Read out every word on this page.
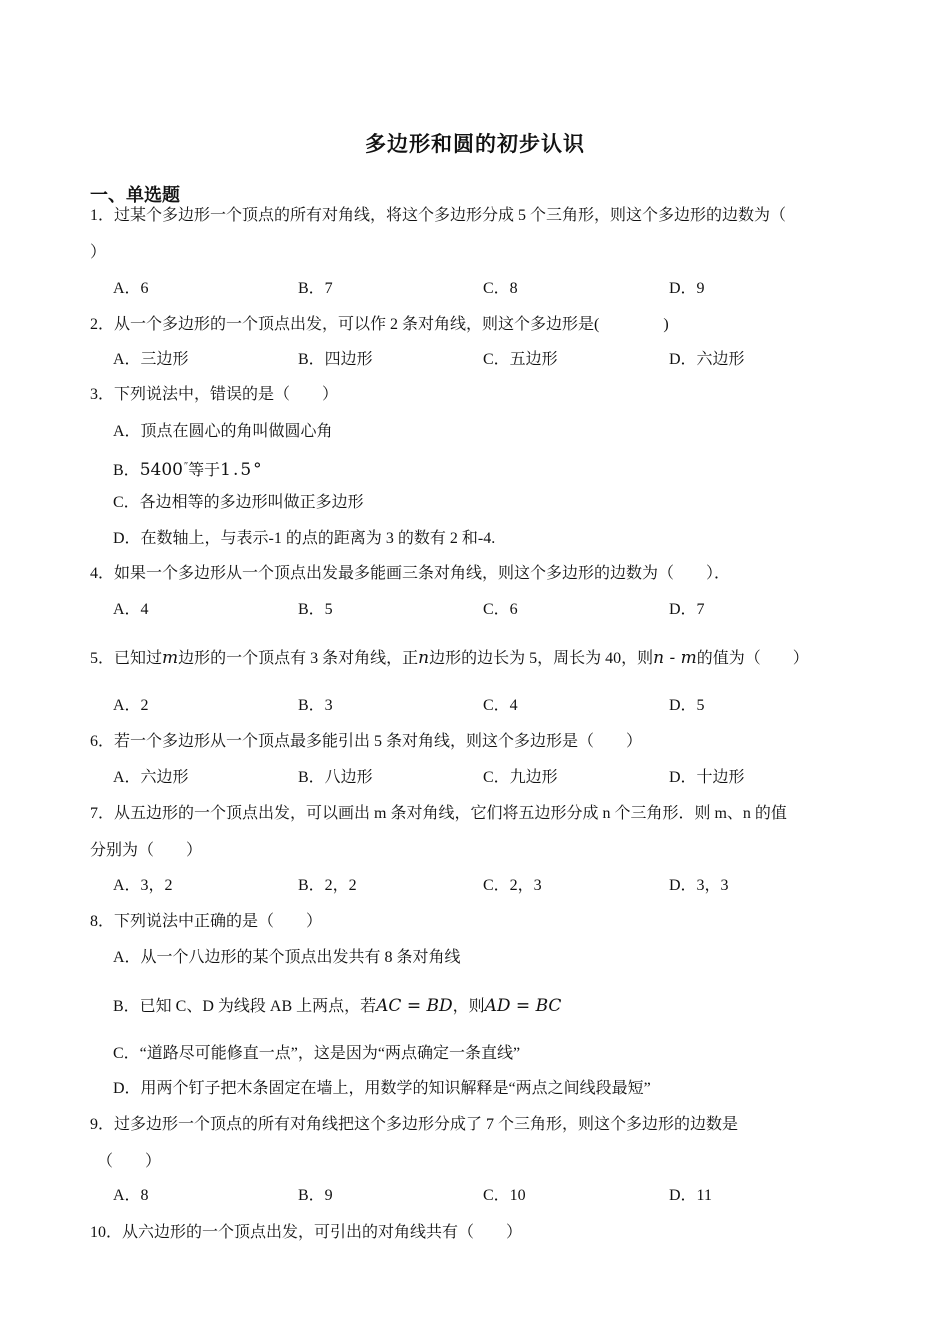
多边形和圆的初步认识
一、单选题
1．过某个多边形一个顶点的所有对角线，将这个多边形分成 5 个三角形，则这个多边形的边数为（
）
A．6	B．7	C．8	D．9
2．从一个多边形的一个顶点出发，可以作 2 条对角线，则这个多边形是(　　　　)
A．三边形	B．四边形	C．五边形	D．六边形
3．下列说法中，错误的是（　　）
A．顶点在圆心的角叫做圆心角
B．5400″等于1.5°
C．各边相等的多边形叫做正多边形
D．在数轴上，与表示-1 的点的距离为 3 的数有 2 和-4.
4．如果一个多边形从一个顶点出发最多能画三条对角线，则这个多边形的边数为（　　）．
A．4	B．5	C．6	D．7
5．已知过m边形的一个顶点有 3 条对角线，正n边形的边长为 5，周长为 40，则n - m的值为（　　）
A．2	B．3	C．4	D．5
6．若一个多边形从一个顶点最多能引出 5 条对角线，则这个多边形是（　　）
A．六边形	B．八边形	C．九边形	D．十边形
7．从五边形的一个顶点出发，可以画出 m 条对角线，它们将五边形分成 n 个三角形．则 m、n 的值
分别为（　　）
A．3，2	B．2，2	C．2，3	D．3，3
8．下列说法中正确的是（　　）
A．从一个八边形的某个顶点出发共有 8 条对角线
B．已知 C、D 为线段 AB 上两点，若AC = BD，则AD = BC
C．“道路尽可能修直一点”，这是因为“两点确定一条直线”
D．用两个钉子把木条固定在墙上，用数学的知识解释是“两点之间线段最短”
9．过多边形一个顶点的所有对角线把这个多边形分成了 7 个三角形，则这个多边形的边数是
（　　）
A．8	B．9	C．10	D．11
10．从六边形的一个顶点出发，可引出的对角线共有（　　）
